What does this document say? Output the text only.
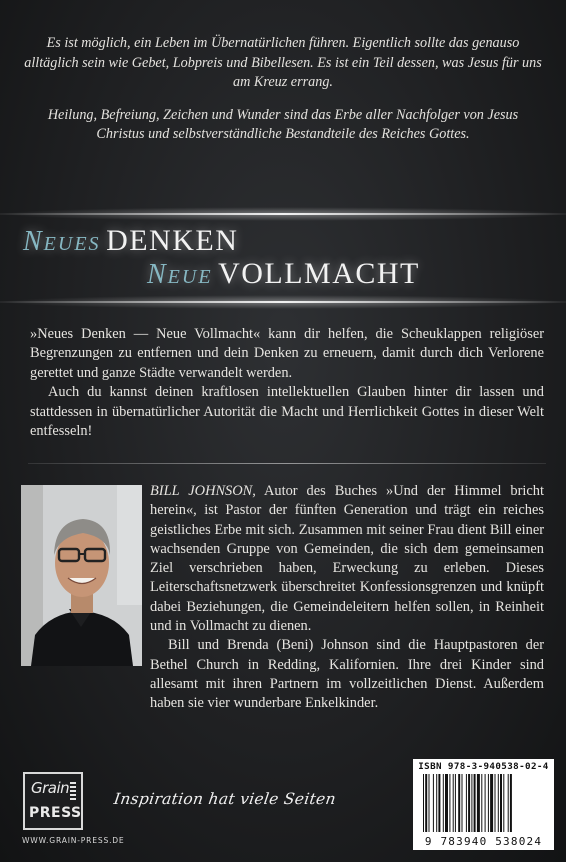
Es ist möglich, ein Leben im Übernatürlichen führen. Eigentlich sollte das genauso alltäglich sein wie Gebet, Lobpreis und Bibellesen. Es ist ein Teil dessen, was Jesus für uns am Kreuz errang.

Heilung, Befreiung, Zeichen und Wunder sind das Erbe aller Nachfolger von Jesus Christus und selbstverständliche Bestandteile des Reiches Gottes.

Neues DENKEN
Neue VOLLMACHT

»Neues Denken — Neue Vollmacht« kann dir helfen, die Scheuklappen religiöser Begrenzungen zu entfernen und dein Denken zu erneuern, damit durch dich Verlorene gerettet und ganze Städte verwandelt werden.

Auch du kannst deinen kraftlosen intellektuellen Glauben hinter dir lassen und stattdessen in übernatürlicher Autorität die Macht und Herrlichkeit Gottes in dieser Welt entfesseln!

BILL JOHNSON, Autor des Buches »Und der Himmel bricht herein«, ist Pastor der fünften Generation und trägt ein reiches geistliches Erbe mit sich. Zusammen mit seiner Frau dient Bill einer wachsenden Gruppe von Gemeinden, die sich dem gemeinsamen Ziel verschrieben haben, Erweckung zu erleben. Dieses Leiterschaftsnetzwerk überschreitet Konfessionsgrenzen und knüpft dabei Beziehungen, die Gemeindeleitern helfen sollen, in Reinheit und in Vollmacht zu dienen.

Bill und Brenda (Beni) Johnson sind die Hauptpastoren der Bethel Church in Redding, Kalifornien. Ihre drei Kinder sind allesamt mit ihren Partnern im vollzeitlichen Dienst. Außerdem haben sie vier wunderbare Enkelkinder.

Grain
PRESS
WWW.GRAIN-PRESS.DE
Inspiration hat viele Seiten
ISBN 978-3-940538-02-4
9 783940 538024
